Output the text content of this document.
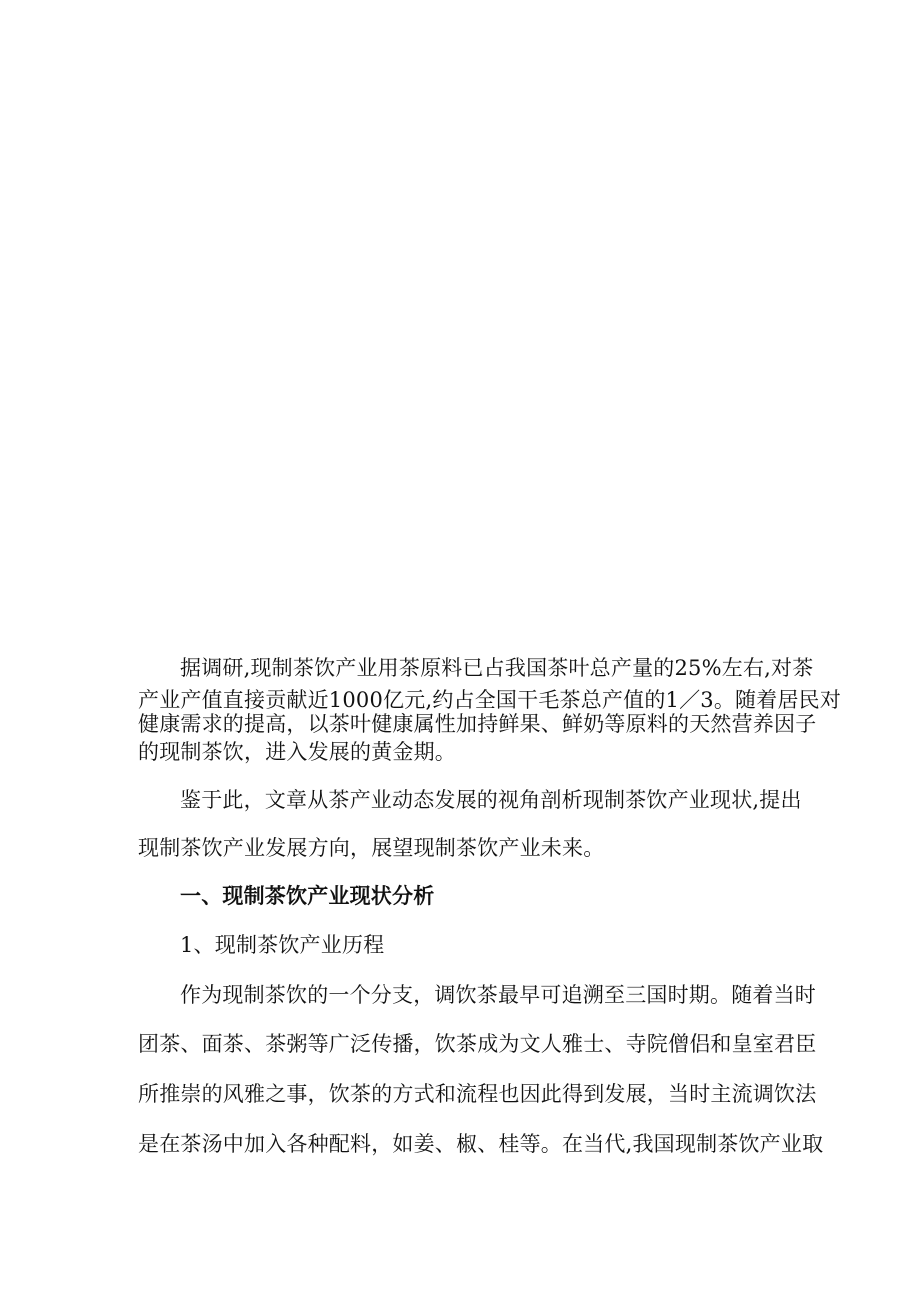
据调研,现制茶饮产业用茶原料已占我国茶叶总产量的25%左右,对茶
产业产值直接贡献近1000亿元,约占全国干毛茶总产值的1／3。随着居民对
健康需求的提高，以茶叶健康属性加持鲜果、鲜奶等原料的天然营养因子
的现制茶饮，进入发展的黄金期。
鉴于此，文章从茶产业动态发展的视角剖析现制茶饮产业现状,提出
现制茶饮产业发展方向，展望现制茶饮产业未来。
一、现制茶饮产业现状分析
1、现制茶饮产业历程
作为现制茶饮的一个分支，调饮茶最早可追溯至三国时期。随着当时
团茶、面茶、茶粥等广泛传播，饮茶成为文人雅士、寺院僧侣和皇室君臣
所推崇的风雅之事，饮茶的方式和流程也因此得到发展，当时主流调饮法
是在茶汤中加入各种配料，如姜、椒、桂等。在当代,我国现制茶饮产业取
